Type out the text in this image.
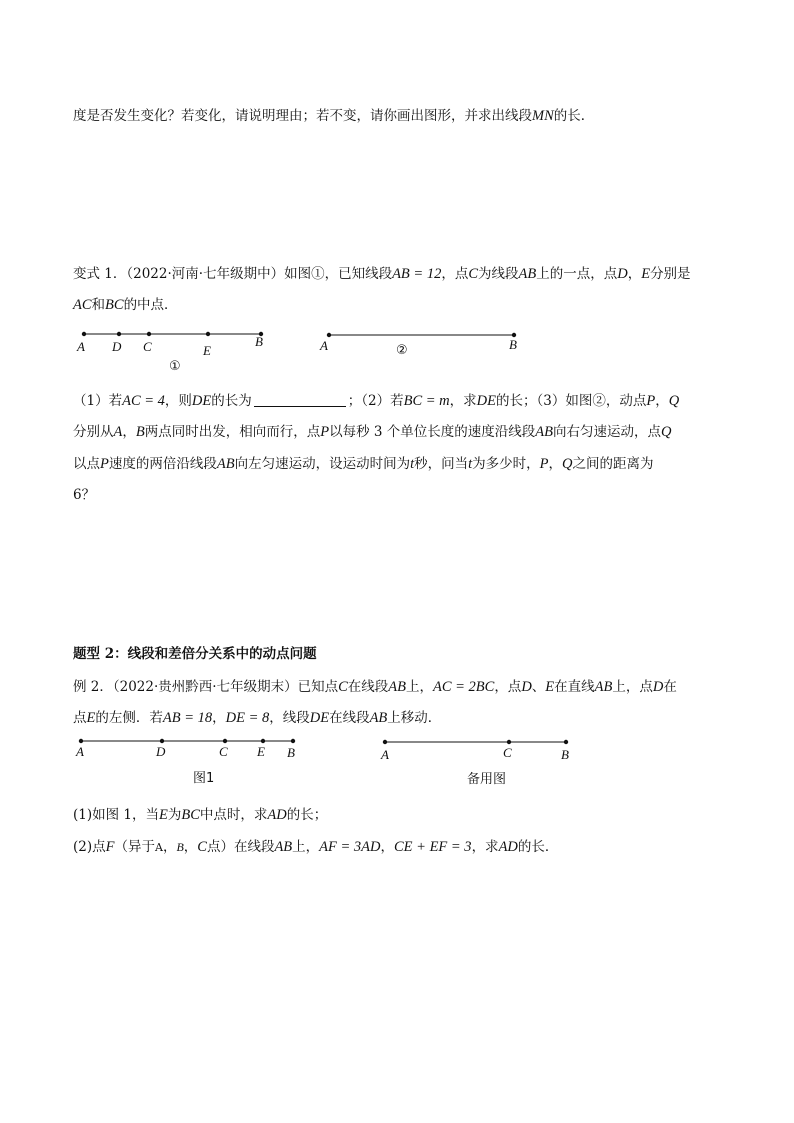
度是否发生变化？若变化，请说明理由；若不变，请你画出图形，并求出线段MN的长．
变式 1．（2022·河南·七年级期中）如图①，已知线段AB = 12，点C为线段AB上的一点，点D，E分别是
AC和BC的中点．
A D C	E
B
①
A	B
②
（1）若AC = 4，则DE的长为	；（2）若BC = m，求DE的长；（3）如图②，动点P，Q
分别从A，B两点同时出发，相向而行，点P以每秒 3 个单位长度的速度沿线段AB向右匀速运动，点Q
以点P速度的两倍沿线段AB向左匀速运动，设运动时间为t秒，问当t为多少时，P，Q之间的距离为
6？
题型 2：线段和差倍分关系中的动点问题
例 2．（2022·贵州黔西·七年级期末）已知点C在线段AB上，AC = 2BC，点D、E在直线AB上，点D在
点E的左侧．若AB = 18，DE = 8，线段DE在线段AB上移动．
A	D	C E B
图1
A	C	B
备用图
(1)如图 1，当E为BC中点时，求AD的长；
(2)点F（异于A，B，C点）在线段AB上，AF = 3AD，CE + EF = 3，求AD的长．
